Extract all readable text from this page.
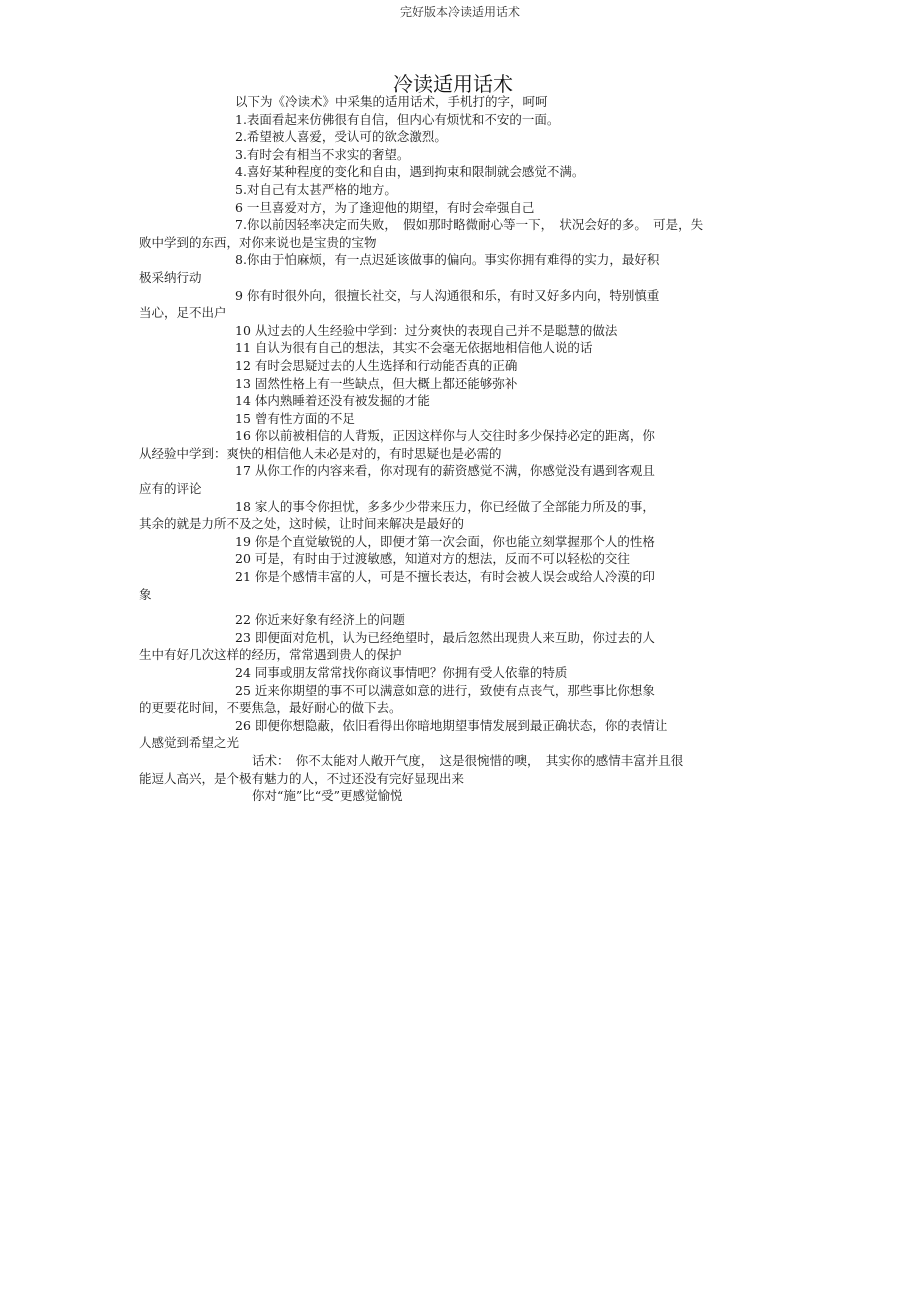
完好版本冷读适用话术
冷读适用话术
以下为《冷读术》中采集的适用话术，手机打的字，呵呵
1.表面看起来仿佛很有自信，但内心有烦忧和不安的一面。
2.希望被人喜爱，受认可的欲念激烈。
3.有时会有相当不求实的奢望。
4.喜好某种程度的变化和自由，遇到拘束和限制就会感觉不满。
5.对自己有太甚严格的地方。
6 一旦喜爱对方，为了逢迎他的期望，有时会牵强自己
7.你以前因轻率决定而失败，　假如那时略微耐心等一下，　状况会好的多。　可是，失
败中学到的东西，对你来说也是宝贵的宝物
8.你由于怕麻烦，有一点迟延该做事的偏向。事实你拥有难得的实力，最好积
极采纳行动
9 你有时很外向，很擅长社交，与人沟通很和乐，有时又好多内向，特别慎重
当心，足不出户
10 从过去的人生经验中学到：过分爽快的表现自己并不是聪慧的做法
11 自认为很有自己的想法，其实不会毫无依据地相信他人说的话
12 有时会思疑过去的人生选择和行动能否真的正确
13 固然性格上有一些缺点，但大概上都还能够弥补
14 体内熟睡着还没有被发掘的才能
15 曾有性方面的不足
16 你以前被相信的人背叛，正因这样你与人交往时多少保持必定的距离，你
从经验中学到：爽快的相信他人未必是对的，有时思疑也是必需的
17 从你工作的内容来看，你对现有的薪资感觉不满，你感觉没有遇到客观且
应有的评论
18 家人的事令你担忧，多多少少带来压力，你已经做了全部能力所及的事，
其余的就是力所不及之处，这时候，让时间来解决是最好的
19 你是个直觉敏锐的人，即便才第一次会面，你也能立刻掌握那个人的性格
20 可是，有时由于过渡敏感，知道对方的想法，反而不可以轻松的交往
21 你是个感情丰富的人，可是不擅长表达，有时会被人误会或给人冷漠的印
象
22 你近来好象有经济上的问题
23 即便面对危机，认为已经绝望时，最后忽然出现贵人来互助，你过去的人
生中有好几次这样的经历，常常遇到贵人的保护
24 同事或朋友常常找你商议事情吧？你拥有受人依靠的特质
25 近来你期望的事不可以满意如意的进行，致使有点丧气，那些事比你想象
的更要花时间，不要焦急，最好耐心的做下去。
26 即便你想隐蔽，依旧看得出你暗地期望事情发展到最正确状态，你的表情让
人感觉到希望之光
话术：　你不太能对人敞开气度，　这是很惋惜的噢，　其实你的感情丰富并且很
能逗人高兴，是个极有魅力的人，不过还没有完好显现出来
你对“施”比“受”更感觉愉悦
